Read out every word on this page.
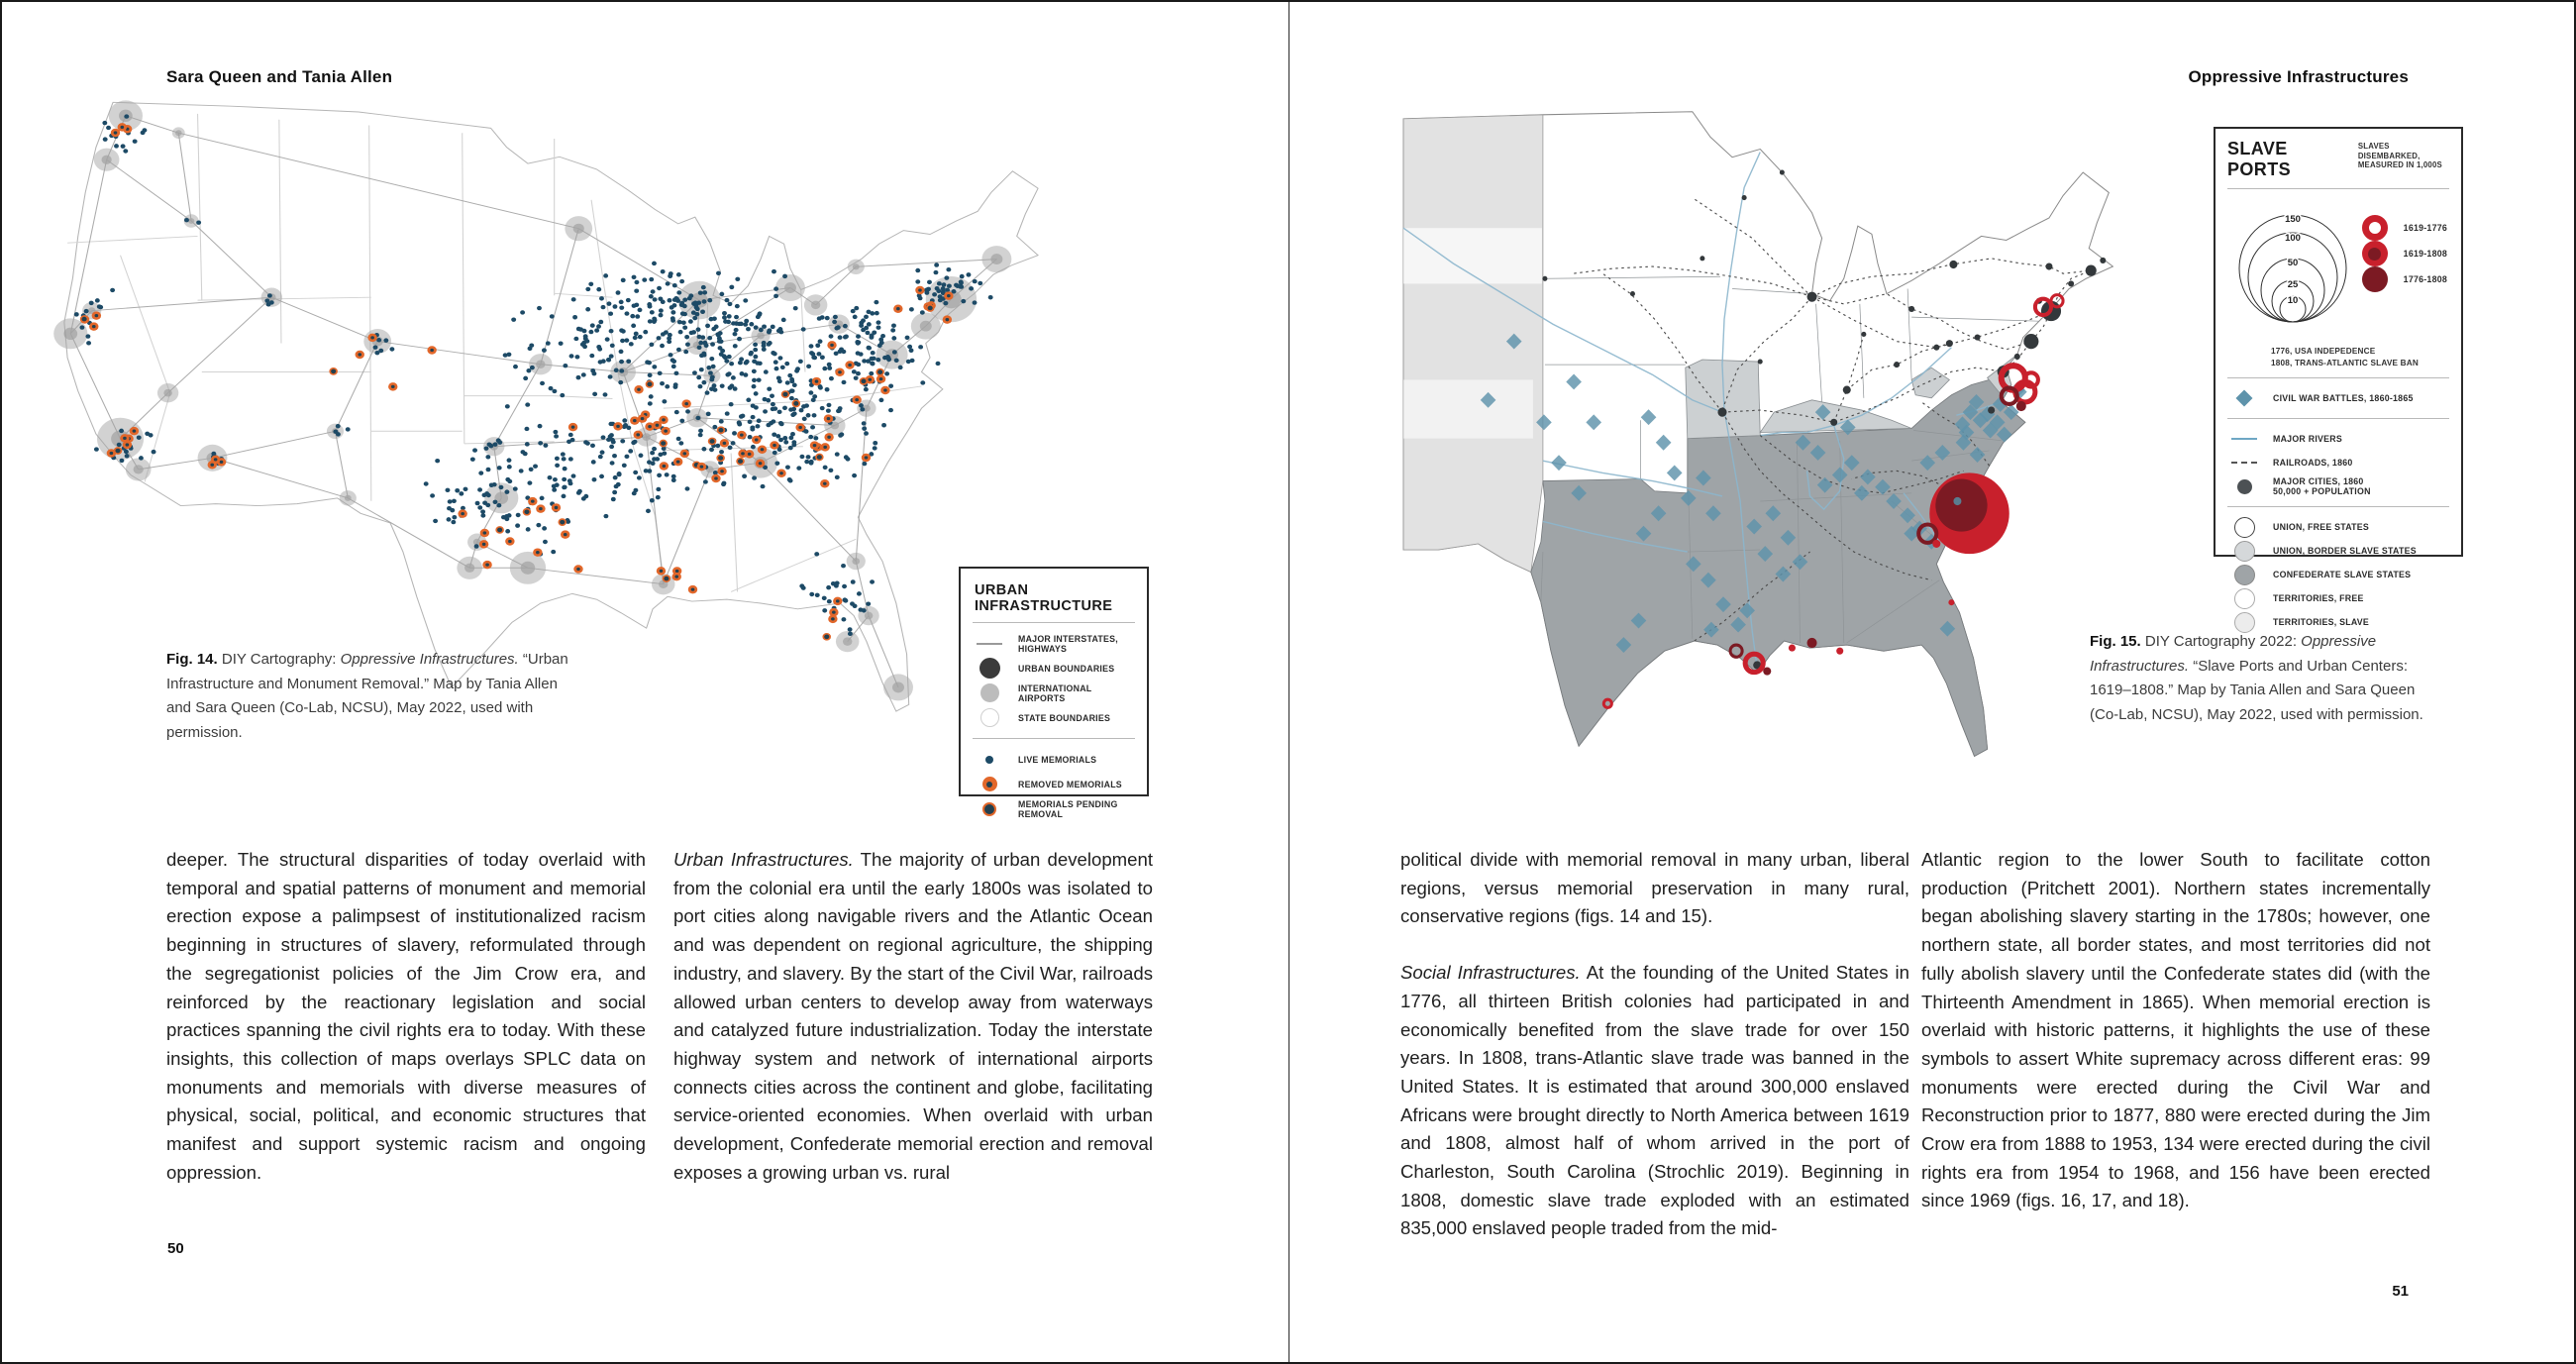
Sara Queen and Tania Allen
URBAN INFRASTRUCTURE
MAJOR INTERSTATES, HIGHWAYS
URBAN BOUNDARIES
INTERNATIONAL AIRPORTS
STATE BOUNDARIES
LIVE MEMORIALS
REMOVED MEMORIALS
MEMORIALS PENDING REMOVAL
Fig. 14. DIY Cartography: Oppressive Infrastructures. “Urban Infrastructure and Monument Removal.” Map by Tania Allen and Sara Queen (Co-Lab, NCSU), May 2022, used with permission.

deeper. The structural disparities of today overlaid with temporal and spatial patterns of monument and memorial erection expose a palimpsest of institutionalized racism beginning in structures of slavery, reformulated through the segregationist policies of the Jim Crow era, and reinforced by the reactionary legislation and social practices spanning the civil rights era to today. With these insights, this collection of maps overlays SPLC data on monuments and memorials with diverse measures of physical, social, political, and economic structures that manifest and support systemic racism and ongoing oppression.

Urban Infrastructures. The majority of urban development from the colonial era until the early 1800s was isolated to port cities along navigable rivers and the Atlantic Ocean and was dependent on regional agriculture, the shipping industry, and slavery. By the start of the Civil War, railroads allowed urban centers to develop away from waterways and catalyzed future industrialization. Today the interstate highway system and network of international airports connects cities across the continent and globe, facilitating service-oriented economies. When overlaid with urban development, Confederate memorial erection and removal exposes a growing urban vs. rural

50
Oppressive Infrastructures
SLAVE PORTS
SLAVES DISEMBARKED,
MEASURED IN 1,000S
150
100
50
25
10
1619-1776
1619-1808
1776-1808
1776, USA INDEPEDENCE
1808, TRANS-ATLANTIC SLAVE BAN
CIVIL WAR BATTLES, 1860-1865
MAJOR RIVERS
RAILROADS, 1860
MAJOR CITIES, 1860
50,000 + POPULATION
UNION, FREE STATES
UNION, BORDER SLAVE STATES
CONFEDERATE SLAVE STATES
TERRITORIES, FREE
TERRITORIES, SLAVE
Fig. 15. DIY Cartography 2022: Oppressive Infrastructures. “Slave Ports and Urban Centers: 1619–1808.” Map by Tania Allen and Sara Queen (Co-Lab, NCSU), May 2022, used with permission.

political divide with memorial removal in many urban, liberal regions, versus memorial preservation in many rural, conservative regions (figs. 14 and 15).

Social Infrastructures. At the founding of the United States in 1776, all thirteen British colonies had participated in and economically benefited from the slave trade for over 150 years. In 1808, trans-Atlantic slave trade was banned in the United States. It is estimated that around 300,000 enslaved Africans were brought directly to North America between 1619 and 1808, almost half of whom arrived in the port of Charleston, South Carolina (Strochlic 2019). Beginning in 1808, domestic slave trade exploded with an estimated 835,000 enslaved people traded from the mid-

Atlantic region to the lower South to facilitate cotton production (Pritchett 2001). Northern states incrementally began abolishing slavery starting in the 1780s; however, one northern state, all border states, and most territories did not fully abolish slavery until the Confederate states did (with the Thirteenth Amendment in 1865). When memorial erection is overlaid with historic patterns, it highlights the use of these symbols to assert White supremacy across different eras: 99 monuments were erected during the Civil War and Reconstruction prior to 1877, 880 were erected during the Jim Crow era from 1888 to 1953, 134 were erected during the civil rights era from 1954 to 1968, and 156 have been erected since 1969 (figs. 16, 17, and 18).

51
